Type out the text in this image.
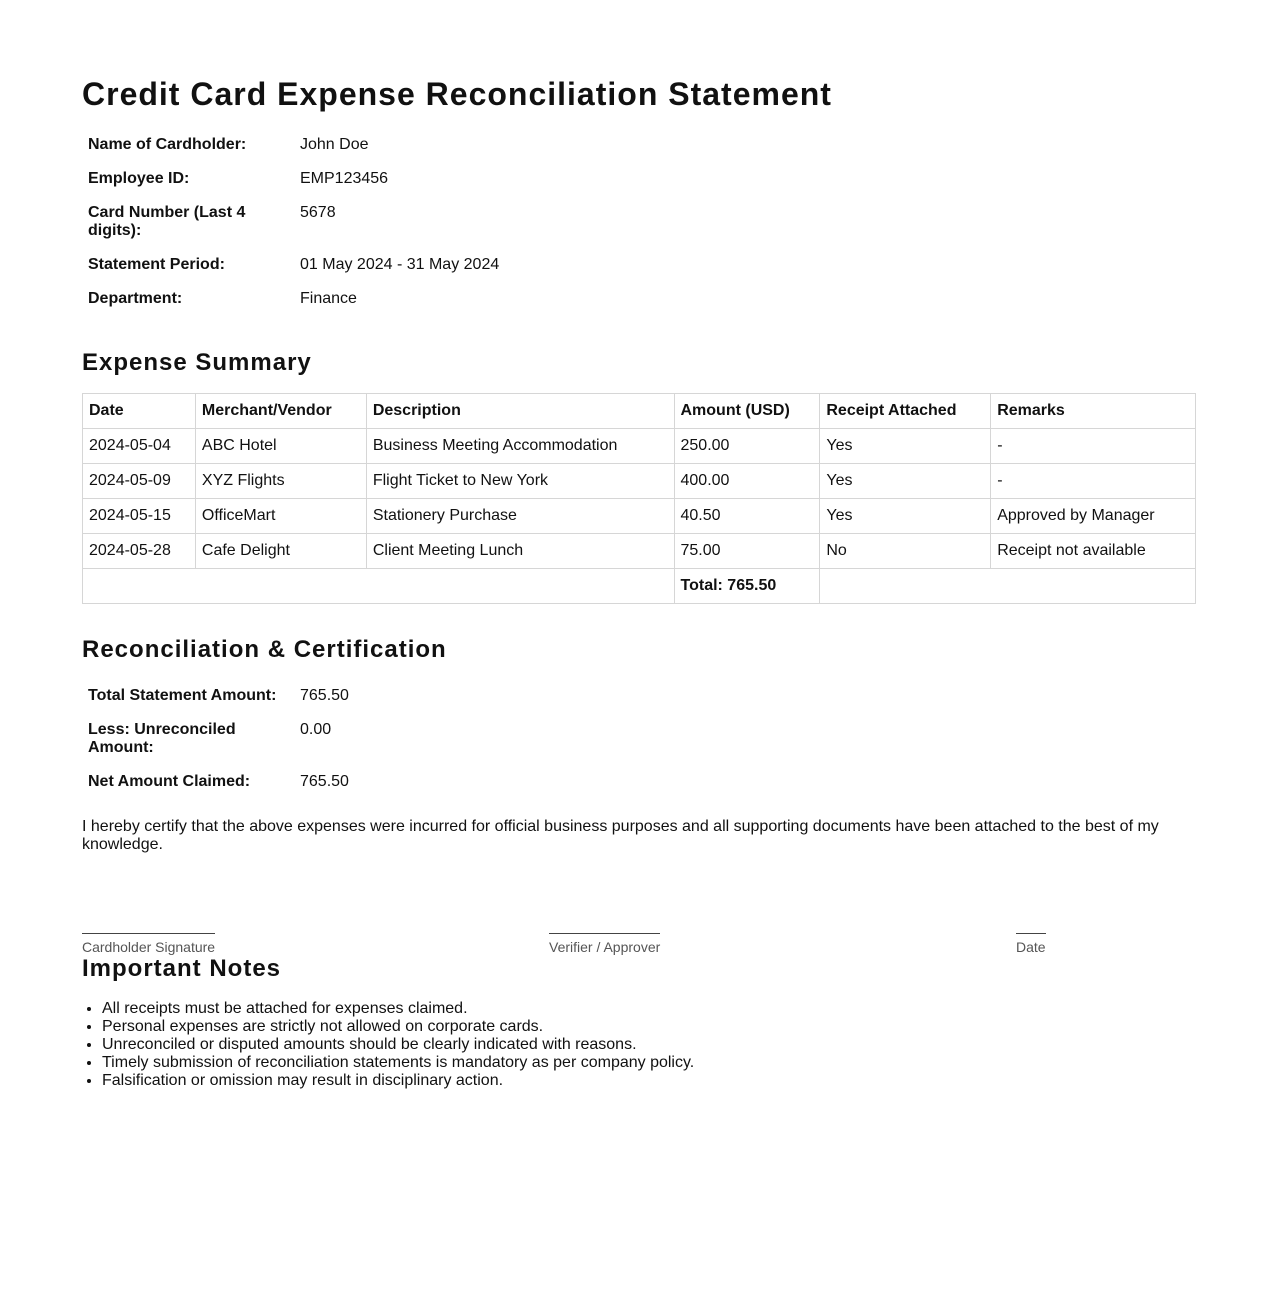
Credit Card Expense Reconciliation Statement
Name of Cardholder:	John Doe

Employee ID:	EMP123456

Card Number (Last 4 digits):	5678

Statement Period:	01 May 2024 - 31 May 2024

Department:	Finance
Expense Summary
Date	Merchant/Vendor	Description	Amount (USD)	Receipt Attached	Remarks
2024-05-04	ABC Hotel	Business Meeting Accommodation	250.00	Yes	-
2024-05-09	XYZ Flights	Flight Ticket to New York	400.00	Yes	-
2024-05-15	OfficeMart	Stationery Purchase	40.50	Yes	Approved by Manager
2024-05-28	Cafe Delight	Client Meeting Lunch	75.00	No	Receipt not available
			Total: 765.50		
Reconciliation & Certification
Total Statement Amount:	765.50

Less: Unreconciled Amount:	0.00

Net Amount Claimed:	765.50

I hereby certify that the above expenses were incurred for official business purposes and all supporting documents have been attached to the best of my knowledge.

Cardholder Signature	Verifier / Approver	Date
Important Notes
• All receipts must be attached for expenses claimed.
• Personal expenses are strictly not allowed on corporate cards.
• Unreconciled or disputed amounts should be clearly indicated with reasons.
• Timely submission of reconciliation statements is mandatory as per company policy.
• Falsification or omission may result in disciplinary action.
